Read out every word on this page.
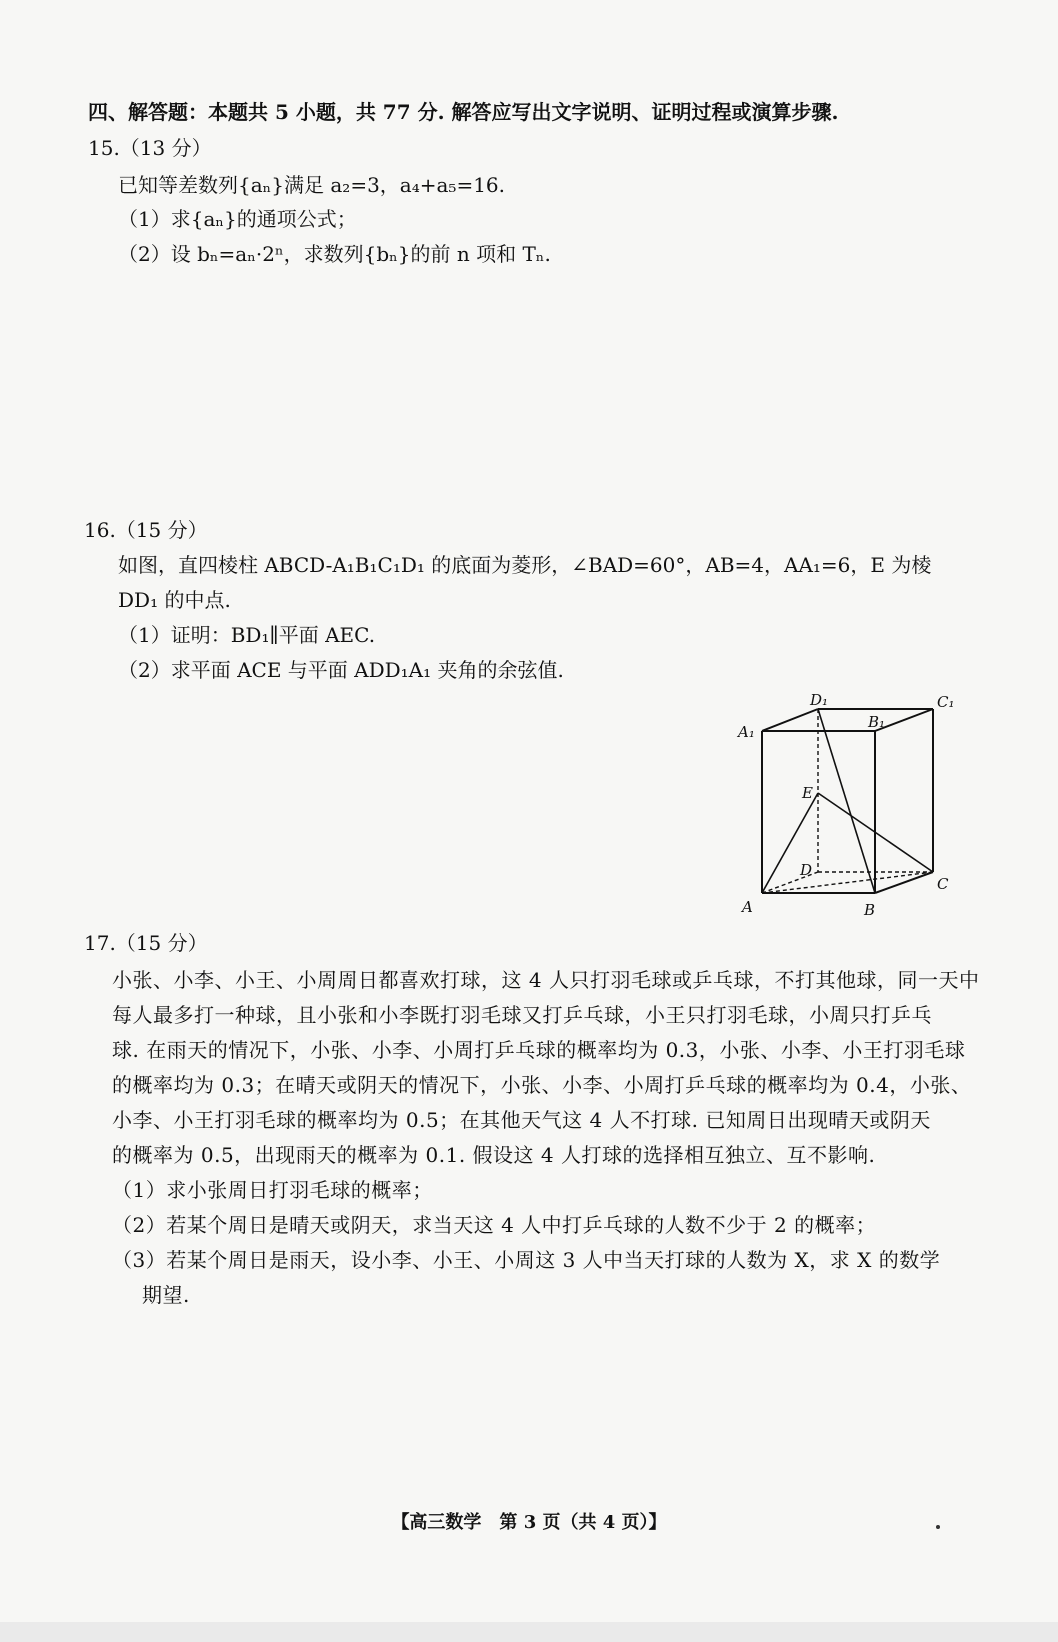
四、解答题：本题共 5 小题，共 77 分. 解答应写出文字说明、证明过程或演算步骤.
15.（13 分）
已知等差数列{aₙ}满足 a₂=3，a₄+a₅=16.
（1）求{aₙ}的通项公式；
（2）设 bₙ=aₙ·2ⁿ，求数列{bₙ}的前 n 项和 Tₙ.
16.（15 分）
如图，直四棱柱 ABCD-A₁B₁C₁D₁ 的底面为菱形，∠BAD=60°，AB=4，AA₁=6，E 为棱
DD₁ 的中点.
（1）证明：BD₁∥平面 AEC.
（2）求平面 ACE 与平面 ADD₁A₁ 夹角的余弦值.
D₁	C₁
B₁
A₁
E
D
C
A	B
17.（15 分）
小张、小李、小王、小周周日都喜欢打球，这 4 人只打羽毛球或乒乓球，不打其他球，同一天中
每人最多打一种球，且小张和小李既打羽毛球又打乒乓球，小王只打羽毛球，小周只打乒乓
球. 在雨天的情况下，小张、小李、小周打乒乓球的概率均为 0.3，小张、小李、小王打羽毛球
的概率均为 0.3；在晴天或阴天的情况下，小张、小李、小周打乒乓球的概率均为 0.4，小张、
小李、小王打羽毛球的概率均为 0.5；在其他天气这 4 人不打球. 已知周日出现晴天或阴天
的概率为 0.5，出现雨天的概率为 0.1. 假设这 4 人打球的选择相互独立、互不影响.
（1）求小张周日打羽毛球的概率；
（2）若某个周日是晴天或阴天，求当天这 4 人中打乒乓球的人数不少于 2 的概率；
（3）若某个周日是雨天，设小李、小王、小周这 3 人中当天打球的人数为 X，求 X 的数学
期望.
【高三数学　第 3 页（共 4 页）】
